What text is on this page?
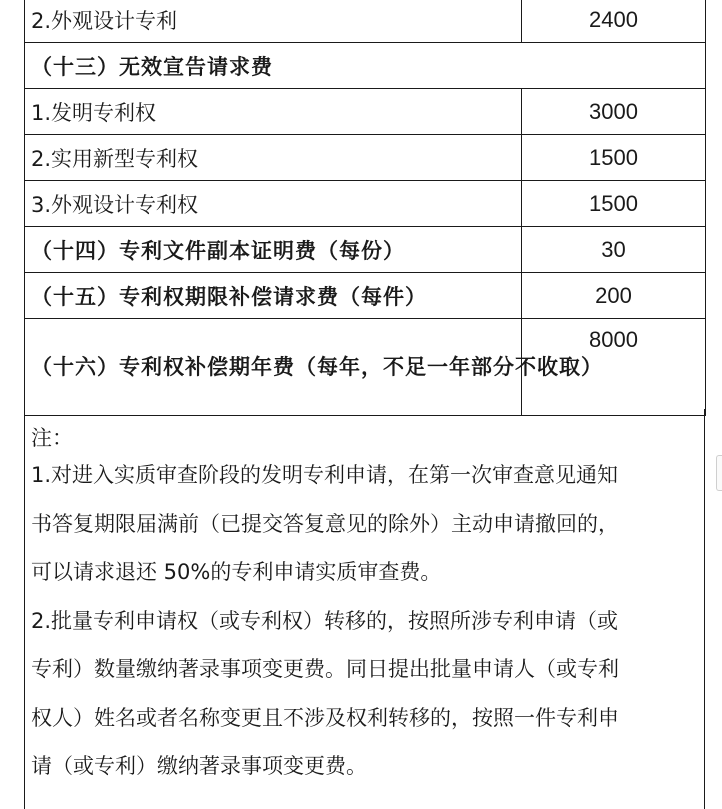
2.外观设计专利	2400
（十三）无效宣告请求费	
1.发明专利权	3000
2.实用新型专利权	1500
3.外观设计专利权	1500
（十四）专利文件副本证明费（每份）	30
（十五）专利权期限补偿请求费（每件）	200
（十六）专利权补偿期年费（每年，不足一年部分不收取）	8000
注：
1.对进入实质审查阶段的发明专利申请，在第一次审查意见通知
书答复期限届满前（已提交答复意见的除外）主动申请撤回的，
可以请求退还 50%的专利申请实质审查费。
2.批量专利申请权（或专利权）转移的，按照所涉专利申请（或
专利）数量缴纳著录事项变更费。同日提出批量申请人（或专利
权人）姓名或者名称变更且不涉及权利转移的，按照一件专利申
请（或专利）缴纳著录事项变更费。
